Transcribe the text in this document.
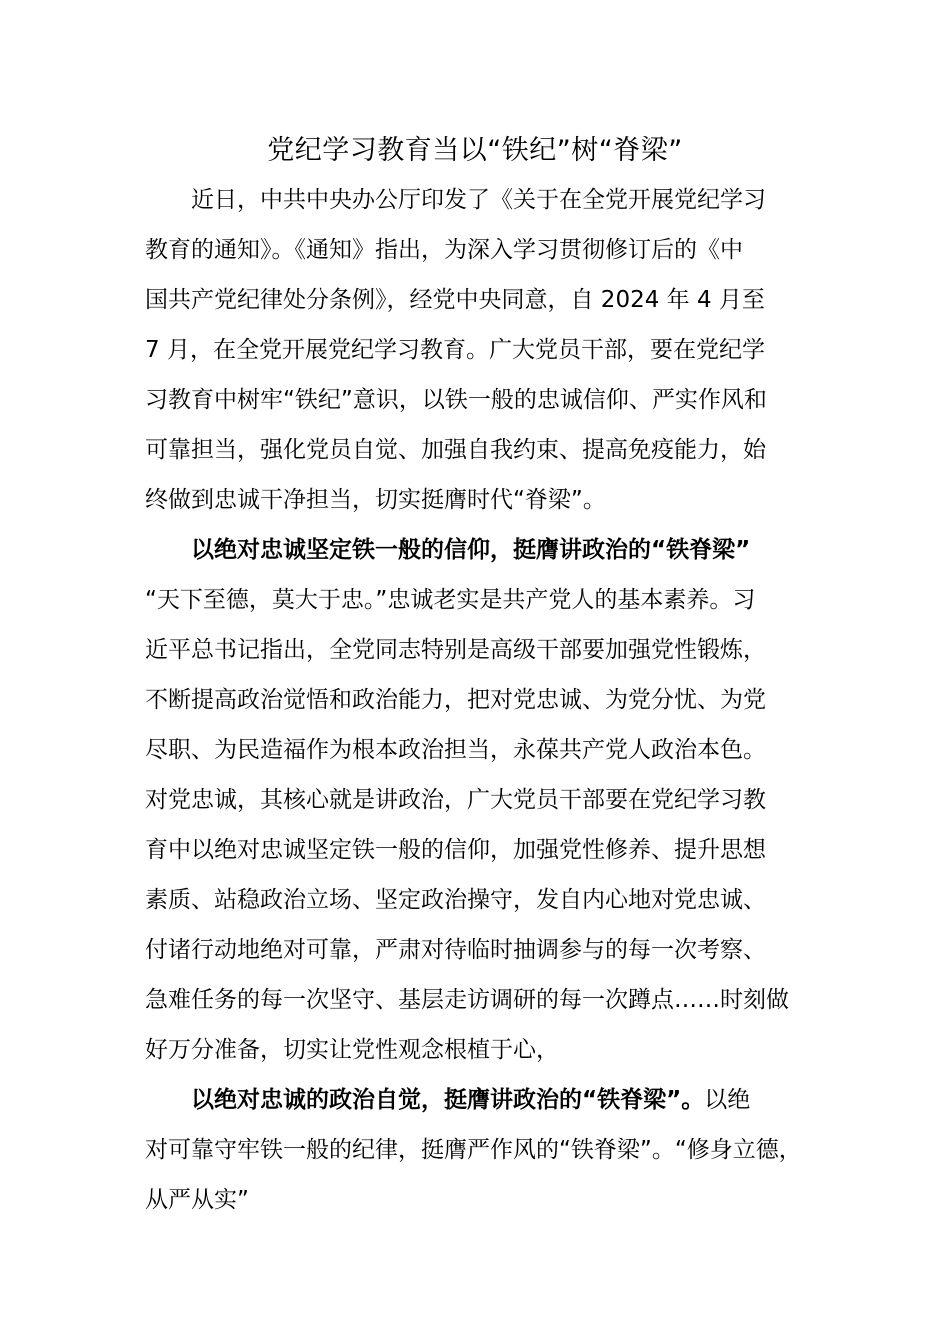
党纪学习教育当以“铁纪”树“脊梁”
近日，中共中央办公厅印发了《关于在全党开展党纪学习
教育的通知》。《通知》指出，为深入学习贯彻修订后的《中
国共产党纪律处分条例》，经党中央同意，自 2024 年 4 月至
7 月，在全党开展党纪学习教育。广大党员干部，要在党纪学
习教育中树牢“铁纪”意识，以铁一般的忠诚信仰、严实作风和
可靠担当，强化党员自觉、加强自我约束、提高免疫能力，始
终做到忠诚干净担当，切实挺膺时代“脊梁”。
以绝对忠诚坚定铁一般的信仰，挺膺讲政治的“铁脊梁”
“天下至德，莫大于忠。”忠诚老实是共产党人的基本素养。习
近平总书记指出，全党同志特别是高级干部要加强党性锻炼，
不断提高政治觉悟和政治能力，把对党忠诚、为党分忧、为党
尽职、为民造福作为根本政治担当，永葆共产党人政治本色。
对党忠诚，其核心就是讲政治，广大党员干部要在党纪学习教
育中以绝对忠诚坚定铁一般的信仰，加强党性修养、提升思想
素质、站稳政治立场、坚定政治操守，发自内心地对党忠诚、
付诸行动地绝对可靠，严肃对待临时抽调参与的每一次考察、
急难任务的每一次坚守、基层走访调研的每一次蹲点……时刻做
好万分准备，切实让党性观念根植于心，
以绝对忠诚的政治自觉，挺膺讲政治的“铁脊梁”。以绝
对可靠守牢铁一般的纪律，挺膺严作风的“铁脊梁”。“修身立德，
从严从实”
